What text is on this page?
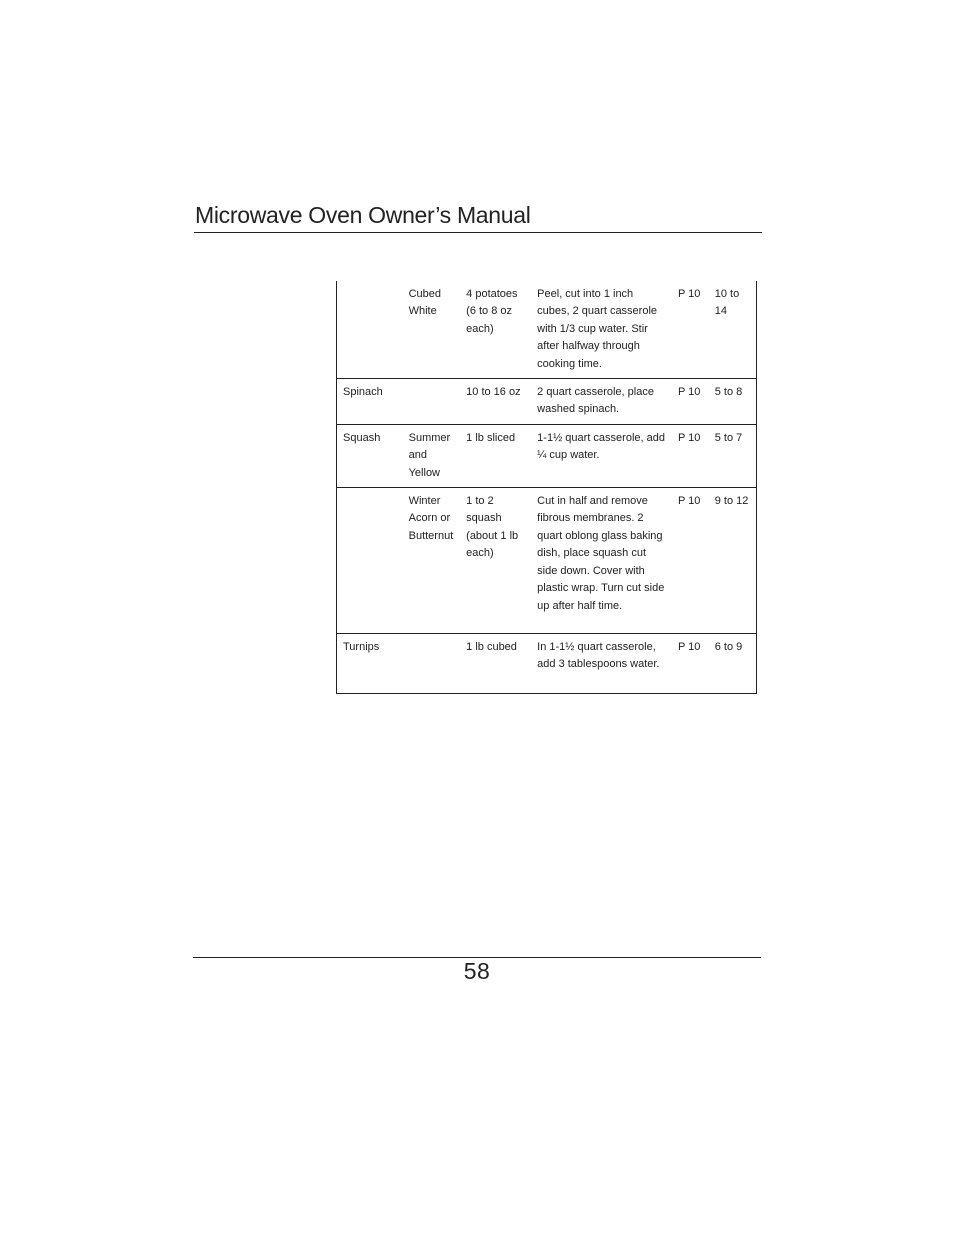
Microwave Oven Owner’s Manual
	Cubed White	4 potatoes (6 to 8 oz each)	Peel, cut into 1 inch cubes, 2 quart casserole with 1/3 cup water. Stir after halfway through cooking time.	P 10	10 to 14
Spinach		10 to 16 oz	2 quart casserole, place washed spinach.	P 10	5 to 8
Squash	Summer and Yellow	1 lb sliced	1-1½ quart casserole, add ¼ cup water.	P 10	5 to 7
	Winter Acorn or Butternut	1 to 2 squash (about 1 lb each)	Cut in half and remove fibrous membranes. 2 quart oblong glass baking dish, place squash cut side down. Cover with plastic wrap. Turn cut side up after half time.	P 10	9 to 12
Turnips		1 lb cubed	In 1-1½ quart casserole, add 3 tablespoons water.	P 10	6 to 9
58
